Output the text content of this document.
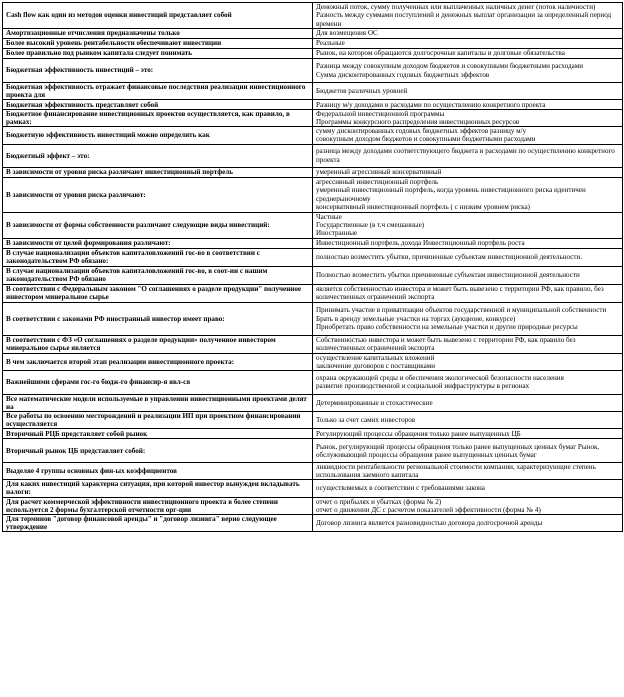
Cash flow как один из методов оценки инвестиций представляет собой	Денежный поток, сумму полученных или выплаченных наличных денег (поток наличности)
Разность между суммами поступлений и денежных выплат организации за определенный период времени

Амортизационные отчисления предназначены только	Для возмещения ОС

Более высокий уровень рентабельности обеспечивают инвестиции	Реальные

Более правильно под рынком капитала следует понимать	Рынок, на котором обращаются долгосрочные капиталы и долговые обязательства

Бюджетная эффективность инвестиций – это:	Разница между совокупным доходом бюджетов и совокупными бюджетными расходами
Сумма дисконтированных годовых бюджетных эффектов

Бюджетная эффективность отражает финансовые последствия реализации инвестиционного проекта для	Бюджетов различных уровней

Бюджетная эффективность представляет собой	Разницу м/у доходами и расходами по осуществлению конкретного проекта

Бюджетное финансирование инвестиционных проектов осуществляется, как правило, в рамках:	Федеральной инвестиционной программы
Программы конкурсного распределения инвестиционных ресурсов

Бюджетную эффективность инвестиций можно определить как	сумму дисконтированных годовых бюджетных эффектов разницу м/у
совокупным доходом бюджетов и совокупными бюджетными расходами

Бюджетный эффект – это:	разница между доходами соответствующего бюджета и расходами по осуществлению конкретного проекта

В зависимости от уровня риска различают инвестиционный портфель	умеренный агрессивный консервативный

В зависимости от уровня риска различают:	агрессивный инвестиционный портфель
умеренный инвестиционный портфель, когда уровень инвестиционного риска идентичен среднерыночному
консервативный инвестиционный портфель ( с низким уровнем риска)

В зависимости от формы собственности различают следующие виды инвестиций:	Частные
Государственные (в т.ч смешанные)
Иностранные

В зависимости от целей формирования различают:	Инвестиционный портфель дохода Инвестиционный портфель роста

В случае национализации объектов капиталовложений гос-во в соответствии с законодательством РФ обязано:	полностью возместить убытки, причиненные субъектам инвестиционной деятельности.

В случае национализации объектов капиталовложений гос-во, в соот-ии с нашим законодательством РФ обязано	Полностью возместить убытки причиненные субъектам инвестиционной деятельности

В соответствии с Федеральным законом "О соглашениях о разделе продукции" полученное инвестором минеральное сырье	является собственностью инвестора и может быть вывезено с территории РФ, как правило, без количественных ограничений экспорта

В соответствии с законами РФ иностранный инвестор имеет право:	Принимать участие в приватизации объектов государственной и муниципальной собственности
Брать в аренду земельные участки на торгах (аукционе, конкурсе)
Приобретать право собственности на земельные участки и другие природные ресурсы

В соответствии с ФЗ «О соглашениях о разделе продукции» полученное инвестором минеральное сырье является	Собственностью инвестора и может быть вывезено с территории РФ, как правило без количественных ограничений экспорта

В чем заключается второй этап реализации инвестиционного проекта:	осуществление капитальных вложений
заключение договоров с поставщиками

Важнейшими сферами гос-го бюдж-го финансир-я явл-ся	охрана окружающей среды и обеспечения экологической безопасности населения
развитие производственной и социальной инфраструктуры в регионах

Все математические модели используемые в управлении инвестиционными проектами делят на	Детерминированные и стохастические

Все работы по освоению месторождений и реализации ИП при проектном финансировании осуществляется	Только за счет самих инвесторов

Вторичный РЦБ представляет собой рынок	Регулирующий процессы обращения только ранее выпущенных ЦБ

Вторичный рынок ЦБ представляет собой:	Рынок, регулирующий процессы обращения только ранее выпущенных ценных бумаг Рынок, обслуживающий процессы обращения ранее выпущенных ценных бумаг

Выделяе 4 группы основных фин-ых коэффициентов	ликвидности рентабельности региональной стоимости компании, характеризующие степень использования заемного капитала

Для каких инвестиций характерна ситуация, при которой инвестор вынужден вкладывать налоги:	осуществляемых в соответствии с требованиями закона

Для расчет коммерческой эффективности инвестиционного проекта в более степени используется 2 формы бухгалтерской отчетности орг-ции	отчет о прибылях и убытках (форма № 2)
отчет о движении ДС с расчетом показателей эффективности (форма № 4)

Для терминов "договор финансовой аренды" и "договор лизинга" верно следующее утверждение	Договор лизинга является разновидностью договора долгосрочной аренды
